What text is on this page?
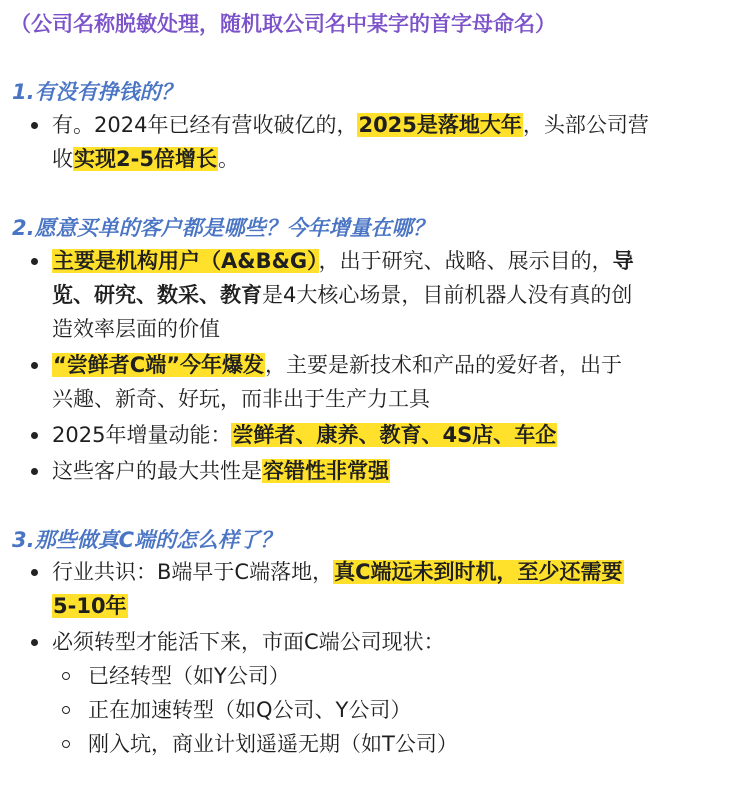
（公司名称脱敏处理，随机取公司名中某字的首字母命名）
1.有没有挣钱的？
有。2024年已经有营收破亿的，2025是落地大年，头部公司营
收实现2-5倍增长。
2.愿意买单的客户都是哪些？今年增量在哪？
主要是机构用户（A&B&G），出于研究、战略、展示目的，导
览、研究、数采、教育是4大核心场景，目前机器人没有真的创
造效率层面的价值
“尝鲜者C端”今年爆发，主要是新技术和产品的爱好者，出于
兴趣、新奇、好玩，而非出于生产力工具
2025年增量动能：尝鲜者、康养、教育、4S店、车企
这些客户的最大共性是容错性非常强
3.那些做真C端的怎么样了？
行业共识：B端早于C端落地，真C端远未到时机，至少还需要
5-10年
必须转型才能活下来，市面C端公司现状：
已经转型（如Y公司）
正在加速转型（如Q公司、Y公司）
刚入坑，商业计划遥遥无期（如T公司）
